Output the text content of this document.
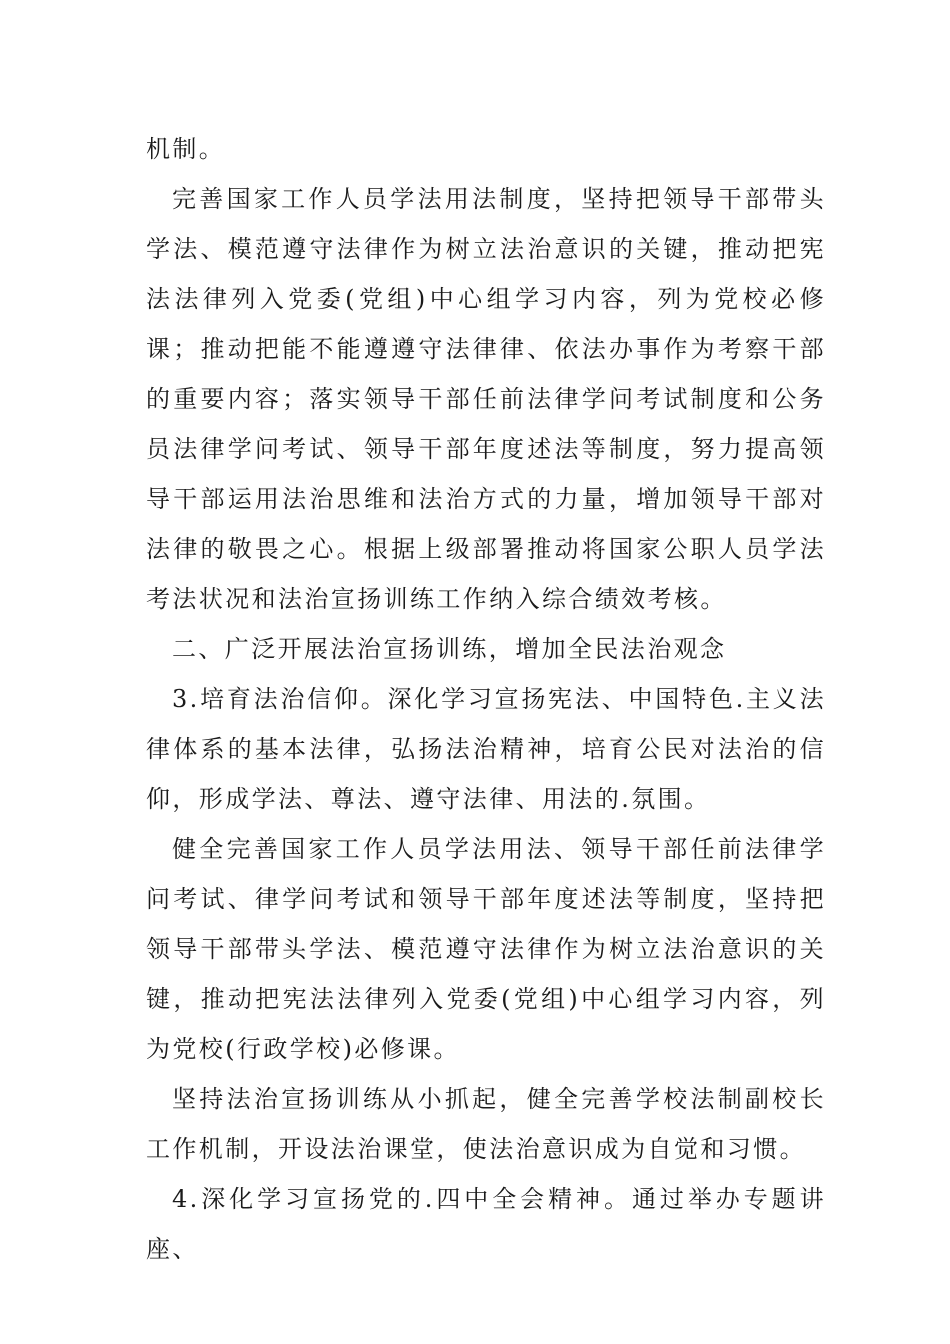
机制。

完善国家工作人员学法用法制度，坚持把领导干部带头学法、模范遵守法律作为树立法治意识的关键，推动把宪法法律列入党委(党组)中心组学习内容，列为党校必修课；推动把能不能遵遵守法律律、依法办事作为考察干部的重要内容；落实领导干部任前法律学问考试制度和公务员法律学问考试、领导干部年度述法等制度，努力提高领导干部运用法治思维和法治方式的力量，增加领导干部对法律的敬畏之心。根据上级部署推动将国家公职人员学法考法状况和法治宣扬训练工作纳入综合绩效考核。

二、广泛开展法治宣扬训练，增加全民法治观念

3.培育法治信仰。深化学习宣扬宪法、中国特色.主义法律体系的基本法律，弘扬法治精神，培育公民对法治的信仰，形成学法、尊法、遵守法律、用法的.氛围。

健全完善国家工作人员学法用法、领导干部任前法律学问考试、律学问考试和领导干部年度述法等制度，坚持把领导干部带头学法、模范遵守法律作为树立法治意识的关键，推动把宪法法律列入党委(党组)中心组学习内容，列为党校(行政学校)必修课。

坚持法治宣扬训练从小抓起，健全完善学校法制副校长工作机制，开设法治课堂，使法治意识成为自觉和习惯。

4.深化学习宣扬党的.四中全会精神。通过举办专题讲座、
